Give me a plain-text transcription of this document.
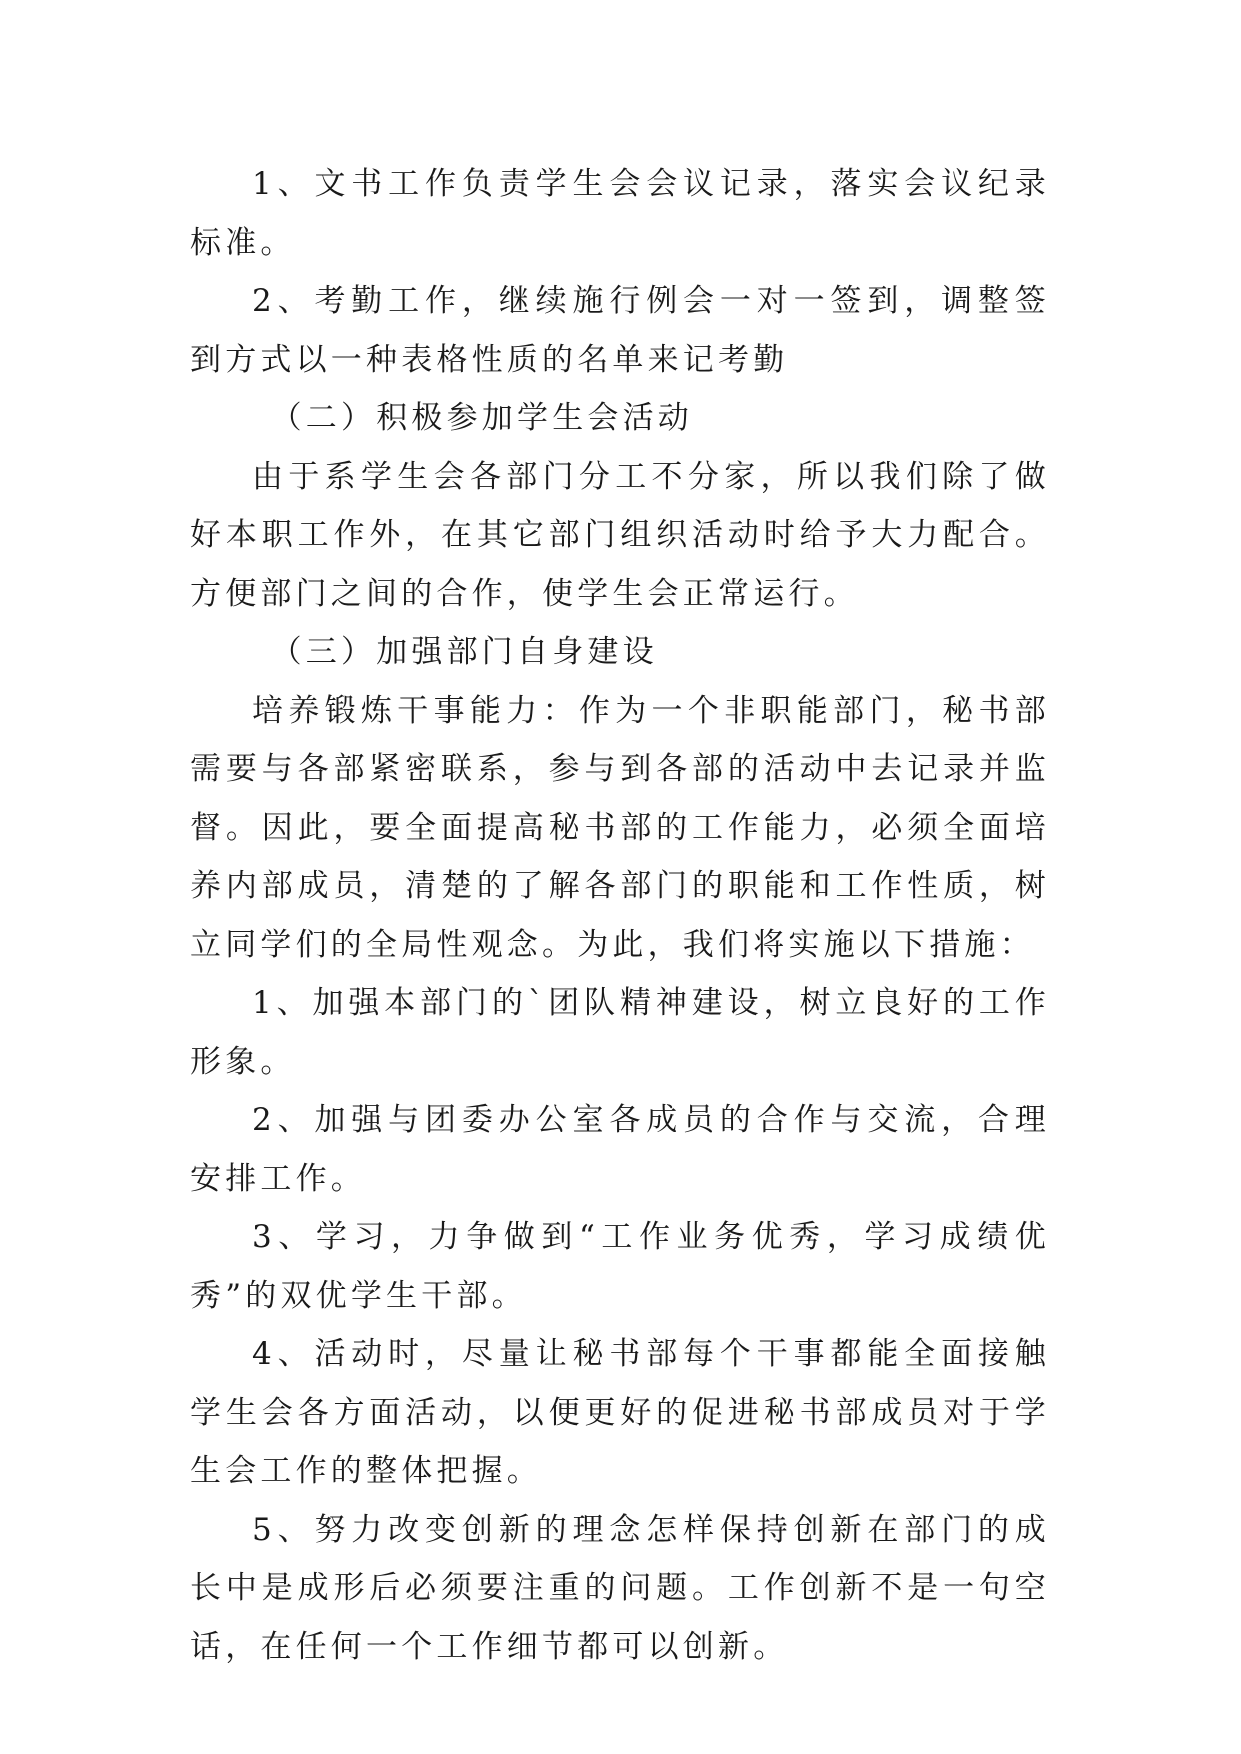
1、文书工作负责学生会会议记录，落实会议纪录标准。

2、考勤工作，继续施行例会一对一签到，调整签到方式以一种表格性质的名单来记考勤

（二）积极参加学生会活动

由于系学生会各部门分工不分家，所以我们除了做好本职工作外，在其它部门组织活动时给予大力配合。方便部门之间的合作，使学生会正常运行。

（三）加强部门自身建设

培养锻炼干事能力：作为一个非职能部门，秘书部需要与各部紧密联系，参与到各部的活动中去记录并监督。因此，要全面提高秘书部的工作能力，必须全面培养内部成员，清楚的了解各部门的职能和工作性质，树立同学们的全局性观念。为此，我们将实施以下措施：

1、加强本部门的`团队精神建设，树立良好的工作形象。

2、加强与团委办公室各成员的合作与交流，合理安排工作。

3、学习，力争做到“工作业务优秀，学习成绩优秀”的双优学生干部。

4、活动时，尽量让秘书部每个干事都能全面接触学生会各方面活动，以便更好的促进秘书部成员对于学生会工作的整体把握。

5、努力改变创新的理念怎样保持创新在部门的成长中是成形后必须要注重的问题。工作创新不是一句空话，在任何一个工作细节都可以创新。
